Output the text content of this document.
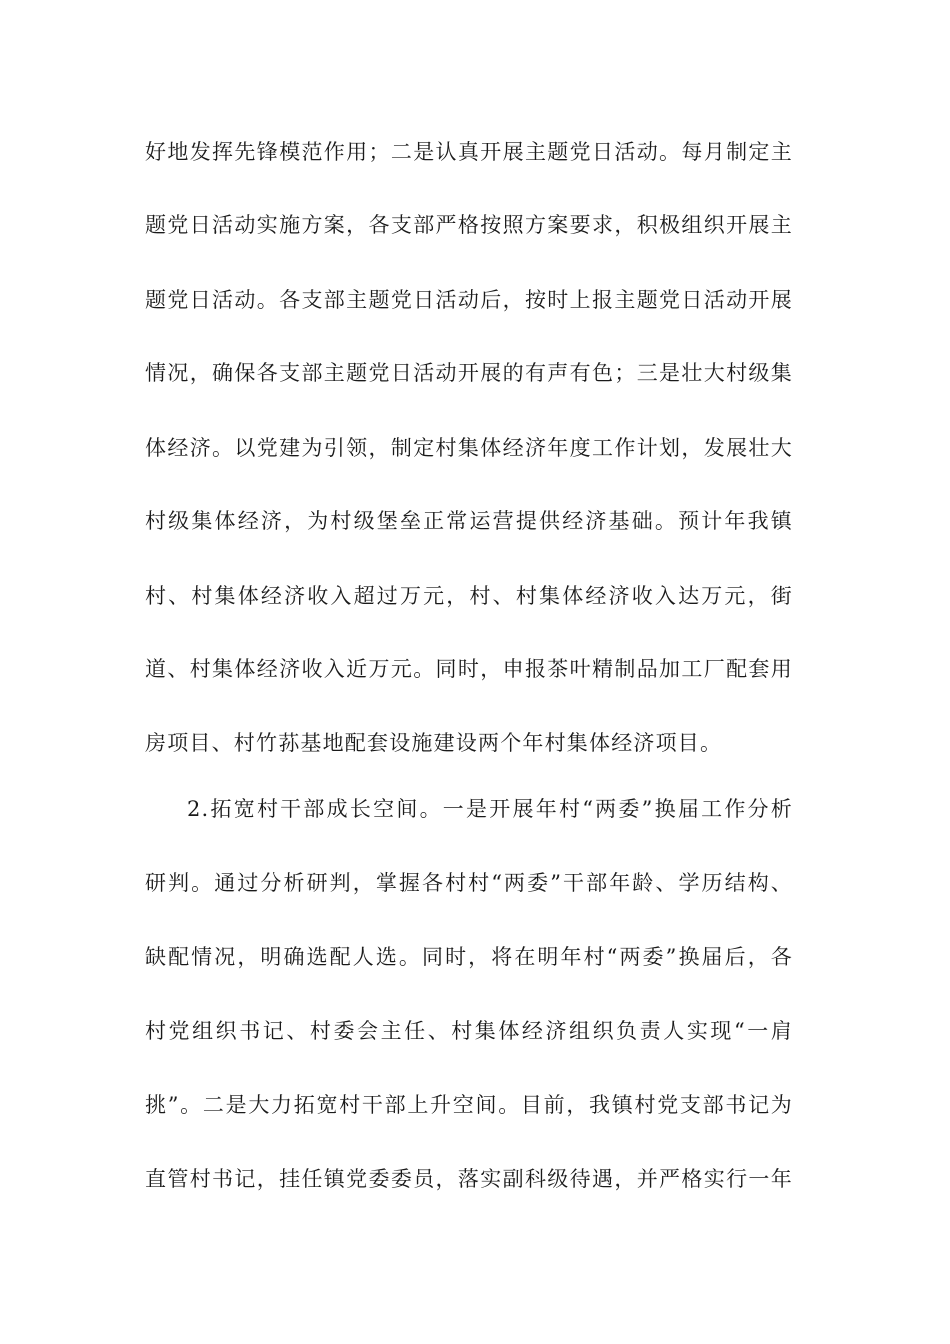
好地发挥先锋模范作用；二是认真开展主题党日活动。每月制定主
题党日活动实施方案，各支部严格按照方案要求，积极组织开展主
题党日活动。各支部主题党日活动后，按时上报主题党日活动开展
情况，确保各支部主题党日活动开展的有声有色；三是壮大村级集
体经济。以党建为引领，制定村集体经济年度工作计划，发展壮大
村级集体经济，为村级堡垒正常运营提供经济基础。预计年我镇
村、村集体经济收入超过万元，村、村集体经济收入达万元，街
道、村集体经济收入近万元。同时，申报茶叶精制品加工厂配套用
房项目、村竹荪基地配套设施建设两个年村集体经济项目。
2.拓宽村干部成长空间。一是开展年村“两委”换届工作分析
研判。通过分析研判，掌握各村村“两委”干部年龄、学历结构、
缺配情况，明确选配人选。同时，将在明年村“两委”换届后，各
村党组织书记、村委会主任、村集体经济组织负责人实现“一肩
挑”。二是大力拓宽村干部上升空间。目前，我镇村党支部书记为
直管村书记，挂任镇党委委员，落实副科级待遇，并严格实行一年
